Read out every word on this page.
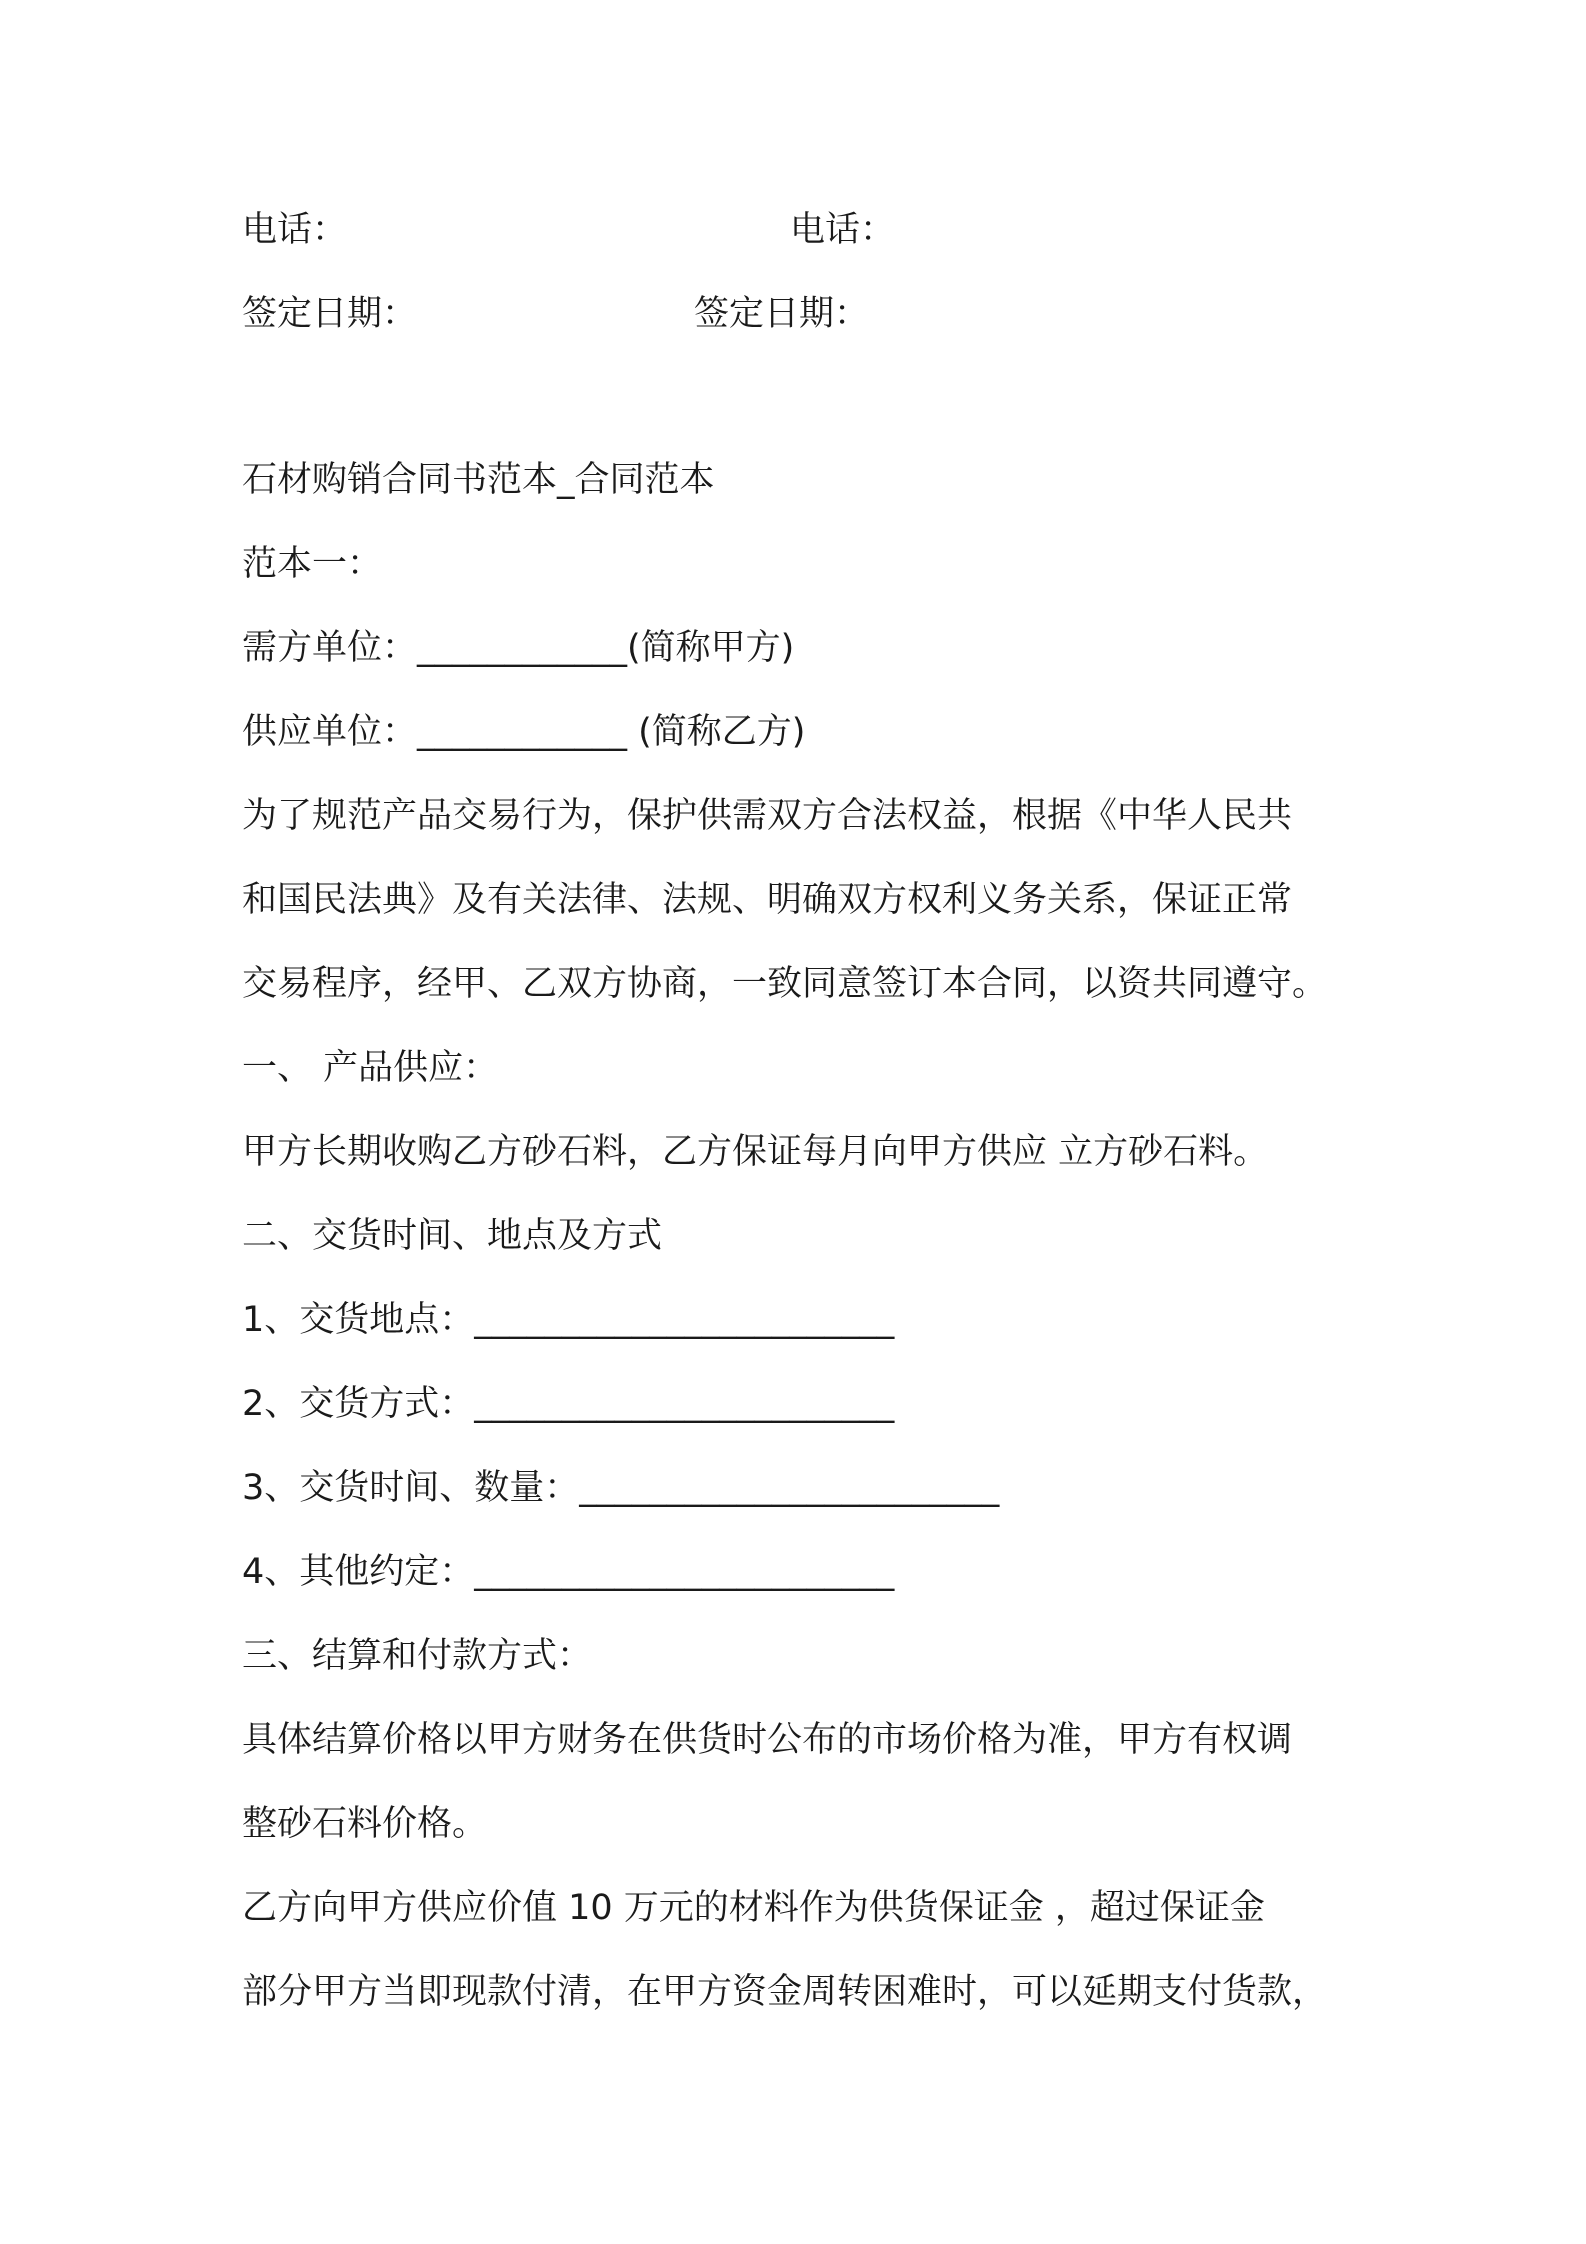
电话：	电话：
签定日期：	签定日期：
石材购销合同书范本_合同范本
范本一：
需方单位：____________(简称甲方)
供应单位：____________ (简称乙方)
为了规范产品交易行为，保护供需双方合法权益，根据《中华人民共
和国民法典》及有关法律、法规、明确双方权利义务关系，保证正常
交易程序，经甲、乙双方协商，一致同意签订本合同，以资共同遵守。
一、 产品供应：
甲方长期收购乙方砂石料，乙方保证每月向甲方供应 立方砂石料。
二、交货时间、地点及方式
1、交货地点：________________________
2、交货方式：________________________
3、交货时间、数量：________________________
4、其他约定：________________________
三、结算和付款方式：
具体结算价格以甲方财务在供货时公布的市场价格为准，甲方有权调
整砂石料价格。
乙方向甲方供应价值 10 万元的材料作为供货保证金 ，超过保证金
部分甲方当即现款付清，在甲方资金周转困难时，可以延期支付货款，
